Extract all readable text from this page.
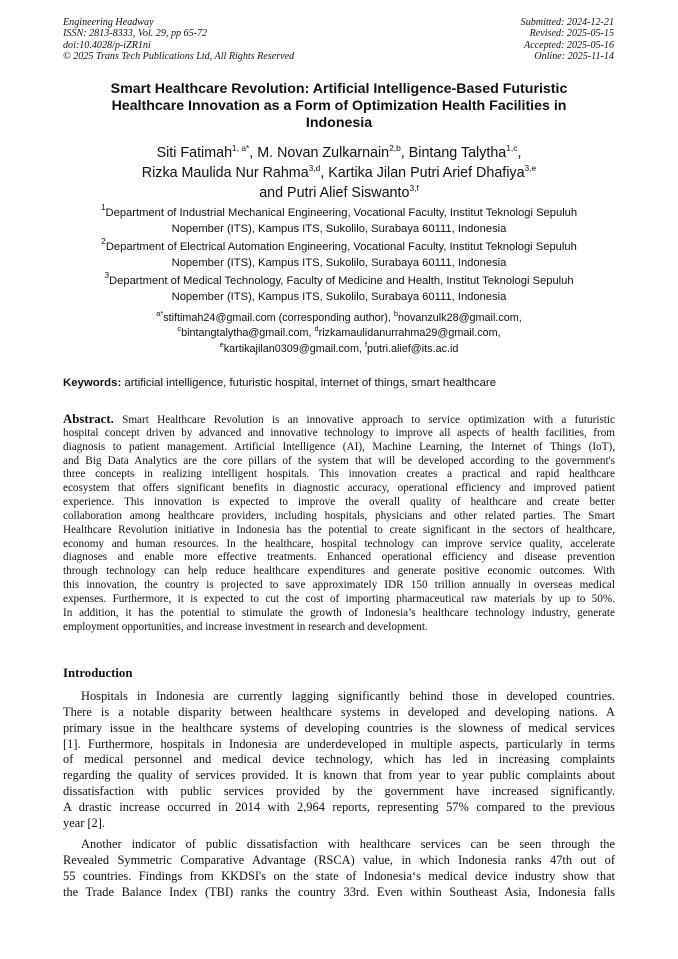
Engineering Headway
ISSN: 2813-8333, Vol. 29, pp 65-72
doi:10.4028/p-iZR1ni
© 2025 Trans Tech Publications Ltd, All Rights Reserved
Submitted: 2024-12-21
Revised: 2025-05-15
Accepted: 2025-05-16
Online: 2025-11-14
Smart Healthcare Revolution: Artificial Intelligence-Based Futuristic
Healthcare Innovation as a Form of Optimization Health Facilities in
Indonesia
Siti Fatimah$^{1, a*}$, M. Novan Zulkarnain$^{2,b}$, Bintang Talytha$^{1,c}$,
Rizka Maulida Nur Rahma$^{3,d}$, Kartika Jilan Putri Arief Dhafiya$^{3,e}$
and Putri Alief Siswanto$^{3,f}$
$^1$Department of Industrial Mechanical Engineering, Vocational Faculty, Institut Teknologi Sepuluh
Nopember (ITS), Kampus ITS, Sukolilo, Surabaya 60111, Indonesia
$^2$Department of Electrical Automation Engineering, Vocational Faculty, Institut Teknologi Sepuluh
Nopember (ITS), Kampus ITS, Sukolilo, Surabaya 60111, Indonesia
$^3$Department of Medical Technology, Faculty of Medicine and Health, Institut Teknologi Sepuluh
Nopember (ITS), Kampus ITS, Sukolilo, Surabaya 60111, Indonesia
$^{a*}$stiftimah24@gmail.com (corresponding author), $^b$novanzulk28@gmail.com,
$^c$bintangtalytha@gmail.com, $^d$rizkamaulidanurrahma29@gmail.com,
$^e$kartikajilan0309@gmail.com, $^f$putri.alief@its.ac.id
Keywords: artificial intelligence, futuristic hospital, internet of things, smart healthcare
Abstract. Smart Healthcare Revolution is an innovative approach to service optimization with a futuristic
hospital concept driven by advanced and innovative technology to improve all aspects of health facilities, from
diagnosis to patient management. Artificial Intelligence (AI), Machine Learning, the Internet of Things (IoT),
and Big Data Analytics are the core pillars of the system that will be developed according to the government's
three concepts in realizing intelligent hospitals. This innovation creates a practical and rapid healthcare
ecosystem that offers significant benefits in diagnostic accuracy, operational efficiency and improved patient
experience. This innovation is expected to improve the overall quality of healthcare and create better
collaboration among healthcare providers, including hospitals, physicians and other related parties. The Smart
Healthcare Revolution initiative in Indonesia has the potential to create significant in the sectors of healthcare,
economy and human resources. In the healthcare, hospital technology can improve service quality, accelerate
diagnoses and enable more effective treatments. Enhanced operational efficiency and disease prevention
through technology can help reduce healthcare expenditures and generate positive economic outcomes. With
this innovation, the country is projected to save approximately IDR 150 trillion annually in overseas medical
expenses. Furthermore, it is expected to cut the cost of importing pharmaceutical raw materials by up to 50%.
In addition, it has the potential to stimulate the growth of Indonesia’s healthcare technology industry, generate
employment opportunities, and increase investment in research and development.
Introduction
Hospitals in Indonesia are currently lagging significantly behind those in developed countries.
There is a notable disparity between healthcare systems in developed and developing nations. A
primary issue in the healthcare systems of developing countries is the slowness of medical services
[1]. Furthermore, hospitals in Indonesia are underdeveloped in multiple aspects, particularly in terms
of medical personnel and medical device technology, which has led in increasing complaints
regarding the quality of services provided. It is known that from year to year public complaints about
dissatisfaction with public services provided by the government have increased significantly.
A drastic increase occurred in 2014 with 2,964 reports, representing 57% compared to the previous
year [2].
Another indicator of public dissatisfaction with healthcare services can be seen through the
Revealed Symmetric Comparative Advantage (RSCA) value, in which Indonesia ranks 47th out of
55 countries. Findings from KKDSI's on the state of Indonesia‘s medical device industry show that
the Trade Balance Index (TBI) ranks the country 33rd. Even within Southeast Asia, Indonesia falls
